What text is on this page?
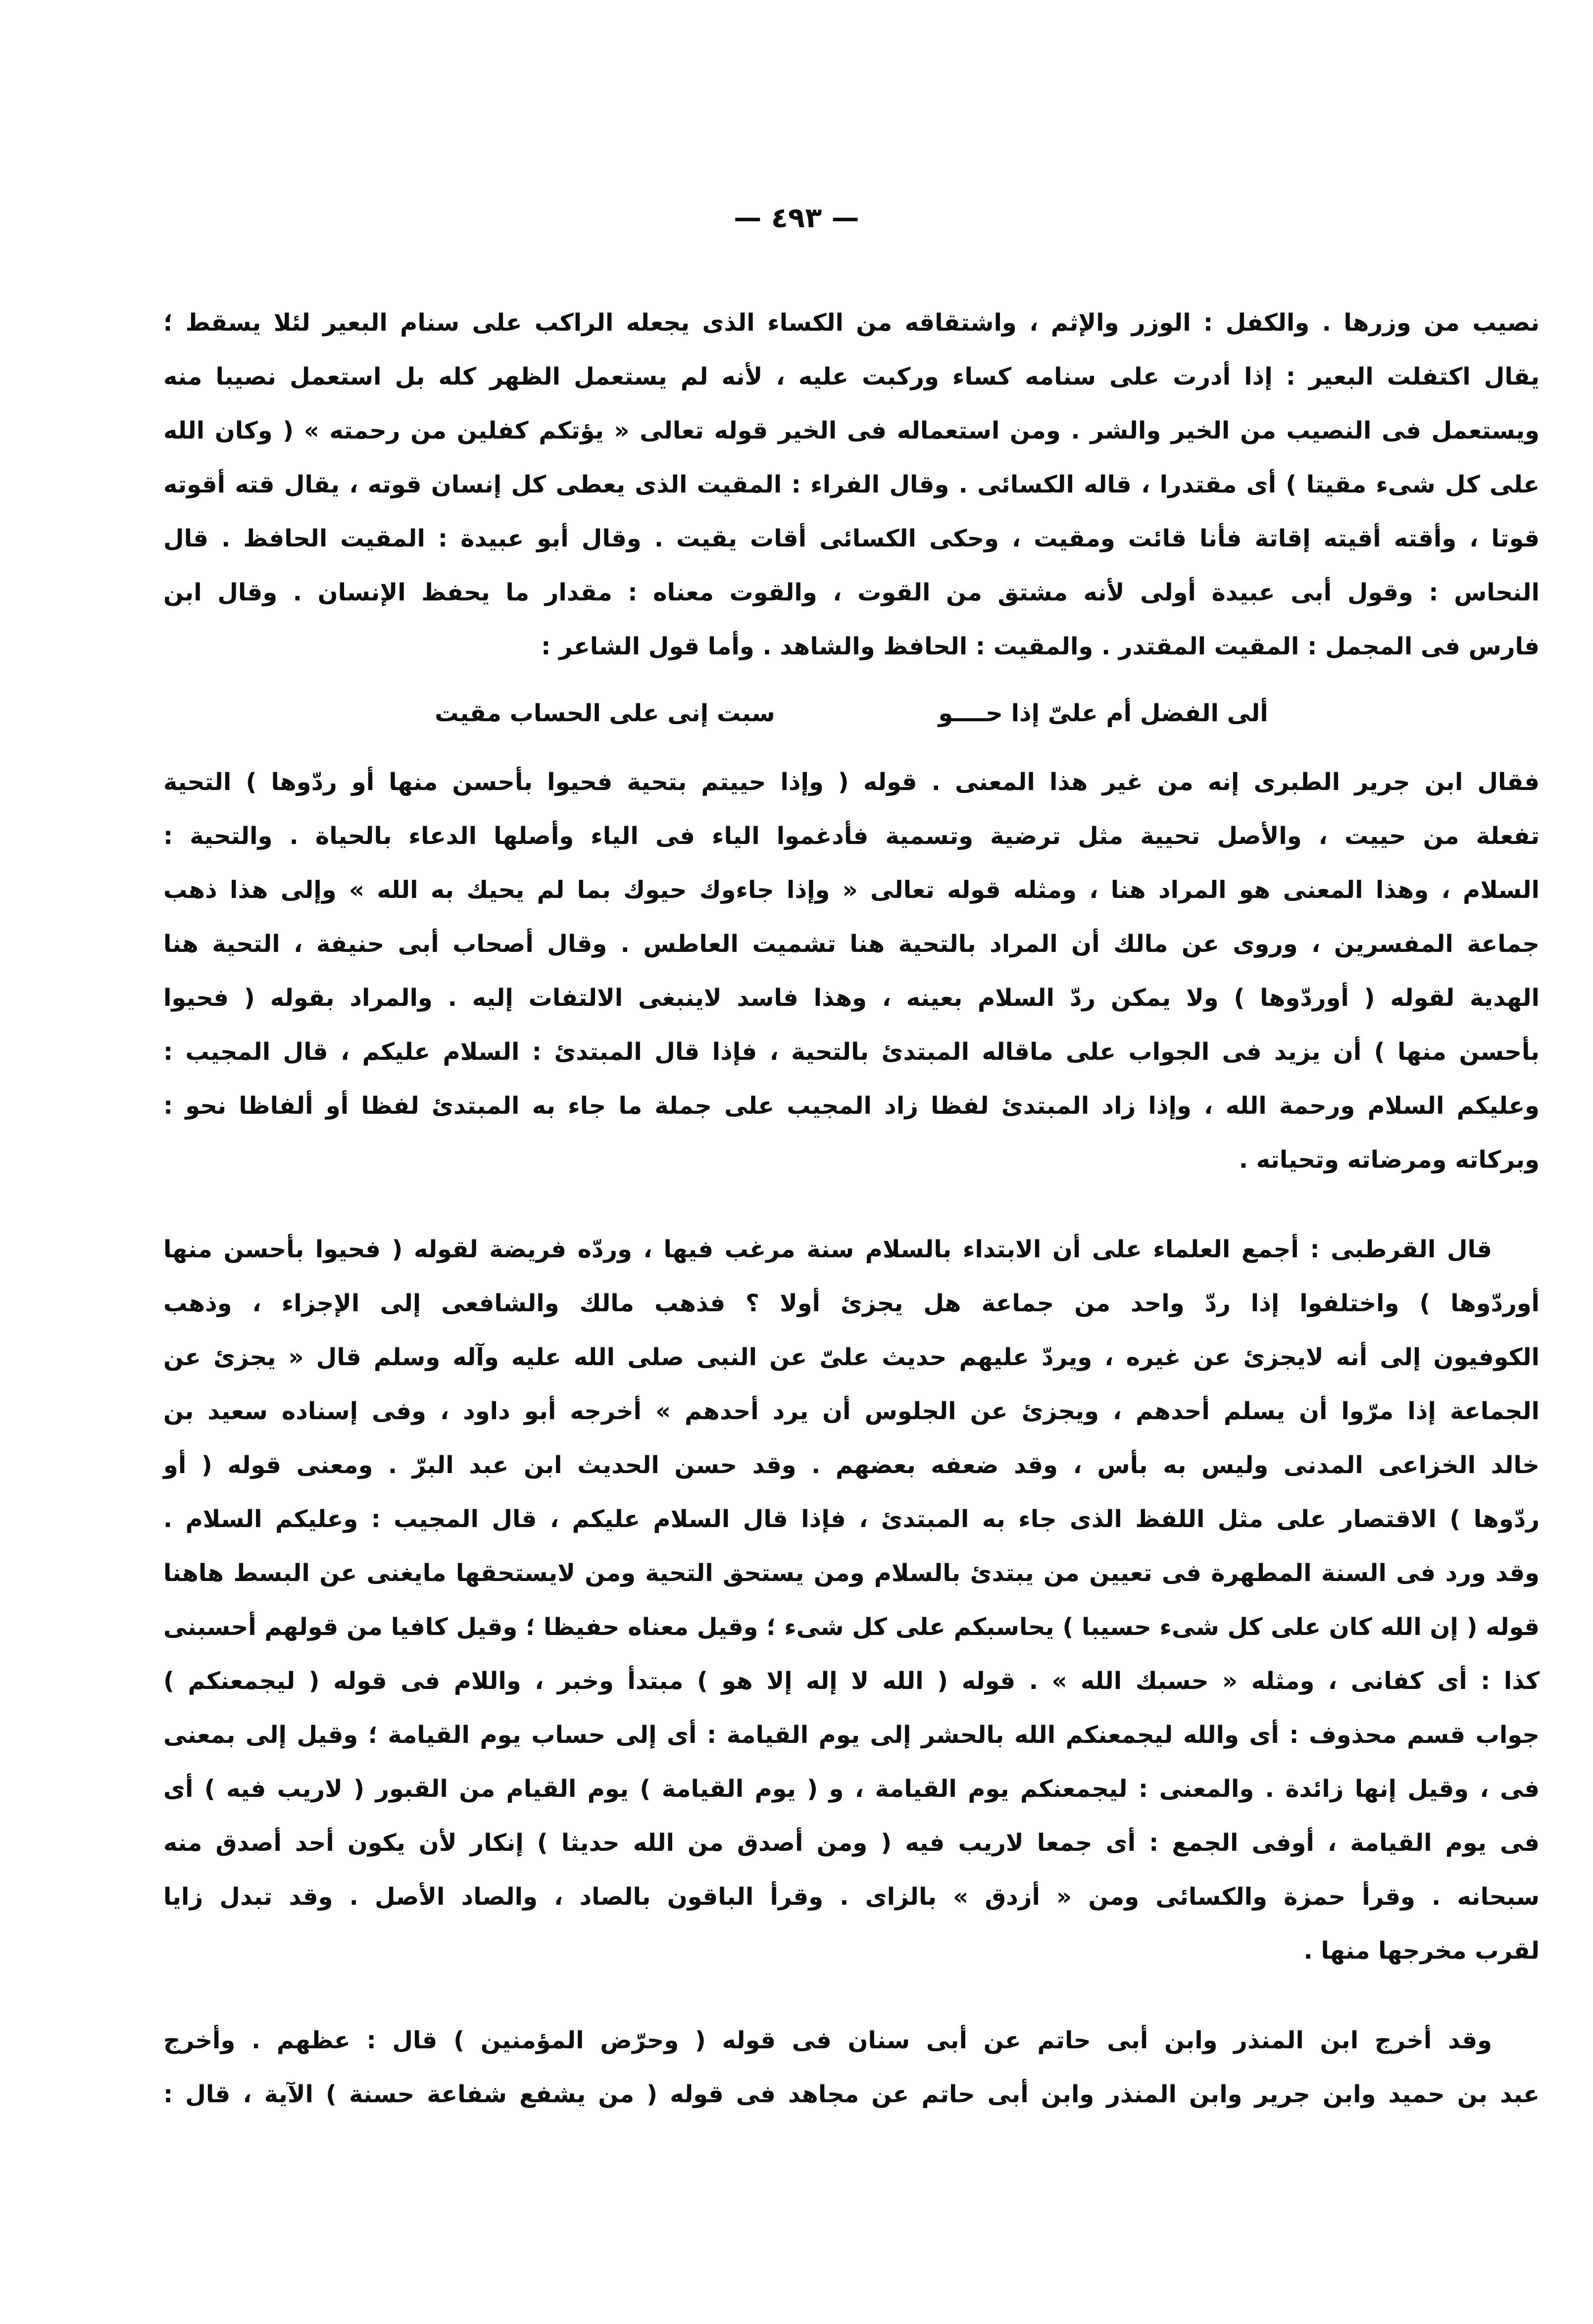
— ٤٩٣ —
نصيب من وزرها . والكفل : الوزر والإثم ، واشتقاقه من الكساء الذى يجعله الراكب على سنام البعير لئلا يسقط ؛
يقال اكتفلت البعير : إذا أدرت على سنامه كساء وركبت عليه ، لأنه لم يستعمل الظهر كله بل استعمل نصيبا منه
ويستعمل فى النصيب من الخير والشر . ومن استعماله فى الخير قوله تعالى « يؤتكم كفلين من رحمته » ( وكان الله
على كل شىء مقيتا ) أى مقتدرا ، قاله الكسائى . وقال الفراء : المقيت الذى يعطى كل إنسان قوته ، يقال قته أقوته
قوتا ، وأقته أقيته إقاتة فأنا قائت ومقيت ، وحكى الكسائى أقات يقيت . وقال أبو عبيدة : المقيت الحافظ . قال
النحاس : وقول أبى عبيدة أولى لأنه مشتق من القوت ، والقوت معناه : مقدار ما يحفظ الإنسان . وقال ابن
فارس فى المجمل : المقيت المقتدر . والمقيت : الحافظ والشاهد . وأما قول الشاعر :
ألى الفضل أم علىّ إذا حــــو
سبت إنى على الحساب مقيت
فقال ابن جرير الطبرى إنه من غير هذا المعنى . قوله ( وإذا حييتم بتحية فحيوا بأحسن منها أو ردّوها ) التحية
تفعلة من حييت ، والأصل تحيية مثل ترضية وتسمية فأدغموا الياء فى الياء وأصلها الدعاء بالحياة . والتحية :
السلام ، وهذا المعنى هو المراد هنا ، ومثله قوله تعالى « وإذا جاءوك حيوك بما لم يحيك به الله » وإلى هذا ذهب
جماعة المفسرين ، وروى عن مالك أن المراد بالتحية هنا تشميت العاطس . وقال أصحاب أبى حنيفة ، التحية هنا
الهدية لقوله ( أوردّوها ) ولا يمكن ردّ السلام بعينه ، وهذا فاسد لاينبغى الالتفات إليه . والمراد بقوله ( فحيوا
بأحسن منها ) أن يزيد فى الجواب على ماقاله المبتدئ بالتحية ، فإذا قال المبتدئ : السلام عليكم ، قال المجيب :
وعليكم السلام ورحمة الله ، وإذا زاد المبتدئ لفظا زاد المجيب على جملة ما جاء به المبتدئ لفظا أو ألفاظا نحو :
وبركاته ومرضاته وتحياته .
قال القرطبى : أجمع العلماء على أن الابتداء بالسلام سنة مرغب فيها ، وردّه فريضة لقوله ( فحيوا بأحسن منها
أوردّوها ) واختلفوا إذا ردّ واحد من جماعة هل يجزئ أولا ؟ فذهب مالك والشافعى إلى الإجزاء ، وذهب
الكوفيون إلى أنه لايجزئ عن غيره ، ويردّ عليهم حديث علىّ عن النبى صلى الله عليه وآله وسلم قال « يجزئ عن
الجماعة إذا مرّوا أن يسلم أحدهم ، ويجزئ عن الجلوس أن يرد أحدهم » أخرجه أبو داود ، وفى إسناده سعيد بن
خالد الخزاعى المدنى وليس به بأس ، وقد ضعفه بعضهم . وقد حسن الحديث ابن عبد البرّ . ومعنى قوله ( أو
ردّوها ) الاقتصار على مثل اللفظ الذى جاء به المبتدئ ، فإذا قال السلام عليكم ، قال المجيب : وعليكم السلام .
وقد ورد فى السنة المطهرة فى تعيين من يبتدئ بالسلام ومن يستحق التحية ومن لايستحقها مايغنى عن البسط هاهنا
قوله ( إن الله كان على كل شىء حسيبا ) يحاسبكم على كل شىء ؛ وقيل معناه حفيظا ؛ وقيل كافيا من قولهم أحسبنى
كذا : أى كفانى ، ومثله « حسبك الله » . قوله ( الله لا إله إلا هو ) مبتدأ وخبر ، واللام فى قوله ( ليجمعنكم )
جواب قسم محذوف : أى والله ليجمعنكم الله بالحشر إلى يوم القيامة : أى إلى حساب يوم القيامة ؛ وقيل إلى بمعنى
فى ، وقيل إنها زائدة . والمعنى : ليجمعنكم يوم القيامة ، و ( يوم القيامة ) يوم القيام من القبور ( لاريب فيه ) أى
فى يوم القيامة ، أوفى الجمع : أى جمعا لاريب فيه ( ومن أصدق من الله حديثا ) إنكار لأن يكون أحد أصدق منه
سبحانه . وقرأ حمزة والكسائى ومن « أزدق » بالزاى . وقرأ الباقون بالصاد ، والصاد الأصل . وقد تبدل زايا
لقرب مخرجها منها .
وقد أخرج ابن المنذر وابن أبى حاتم عن أبى سنان فى قوله ( وحرّض المؤمنين ) قال : عظهم . وأخرج
عبد بن حميد وابن جرير وابن المنذر وابن أبى حاتم عن مجاهد فى قوله ( من يشفع شفاعة حسنة ) الآية ، قال :
